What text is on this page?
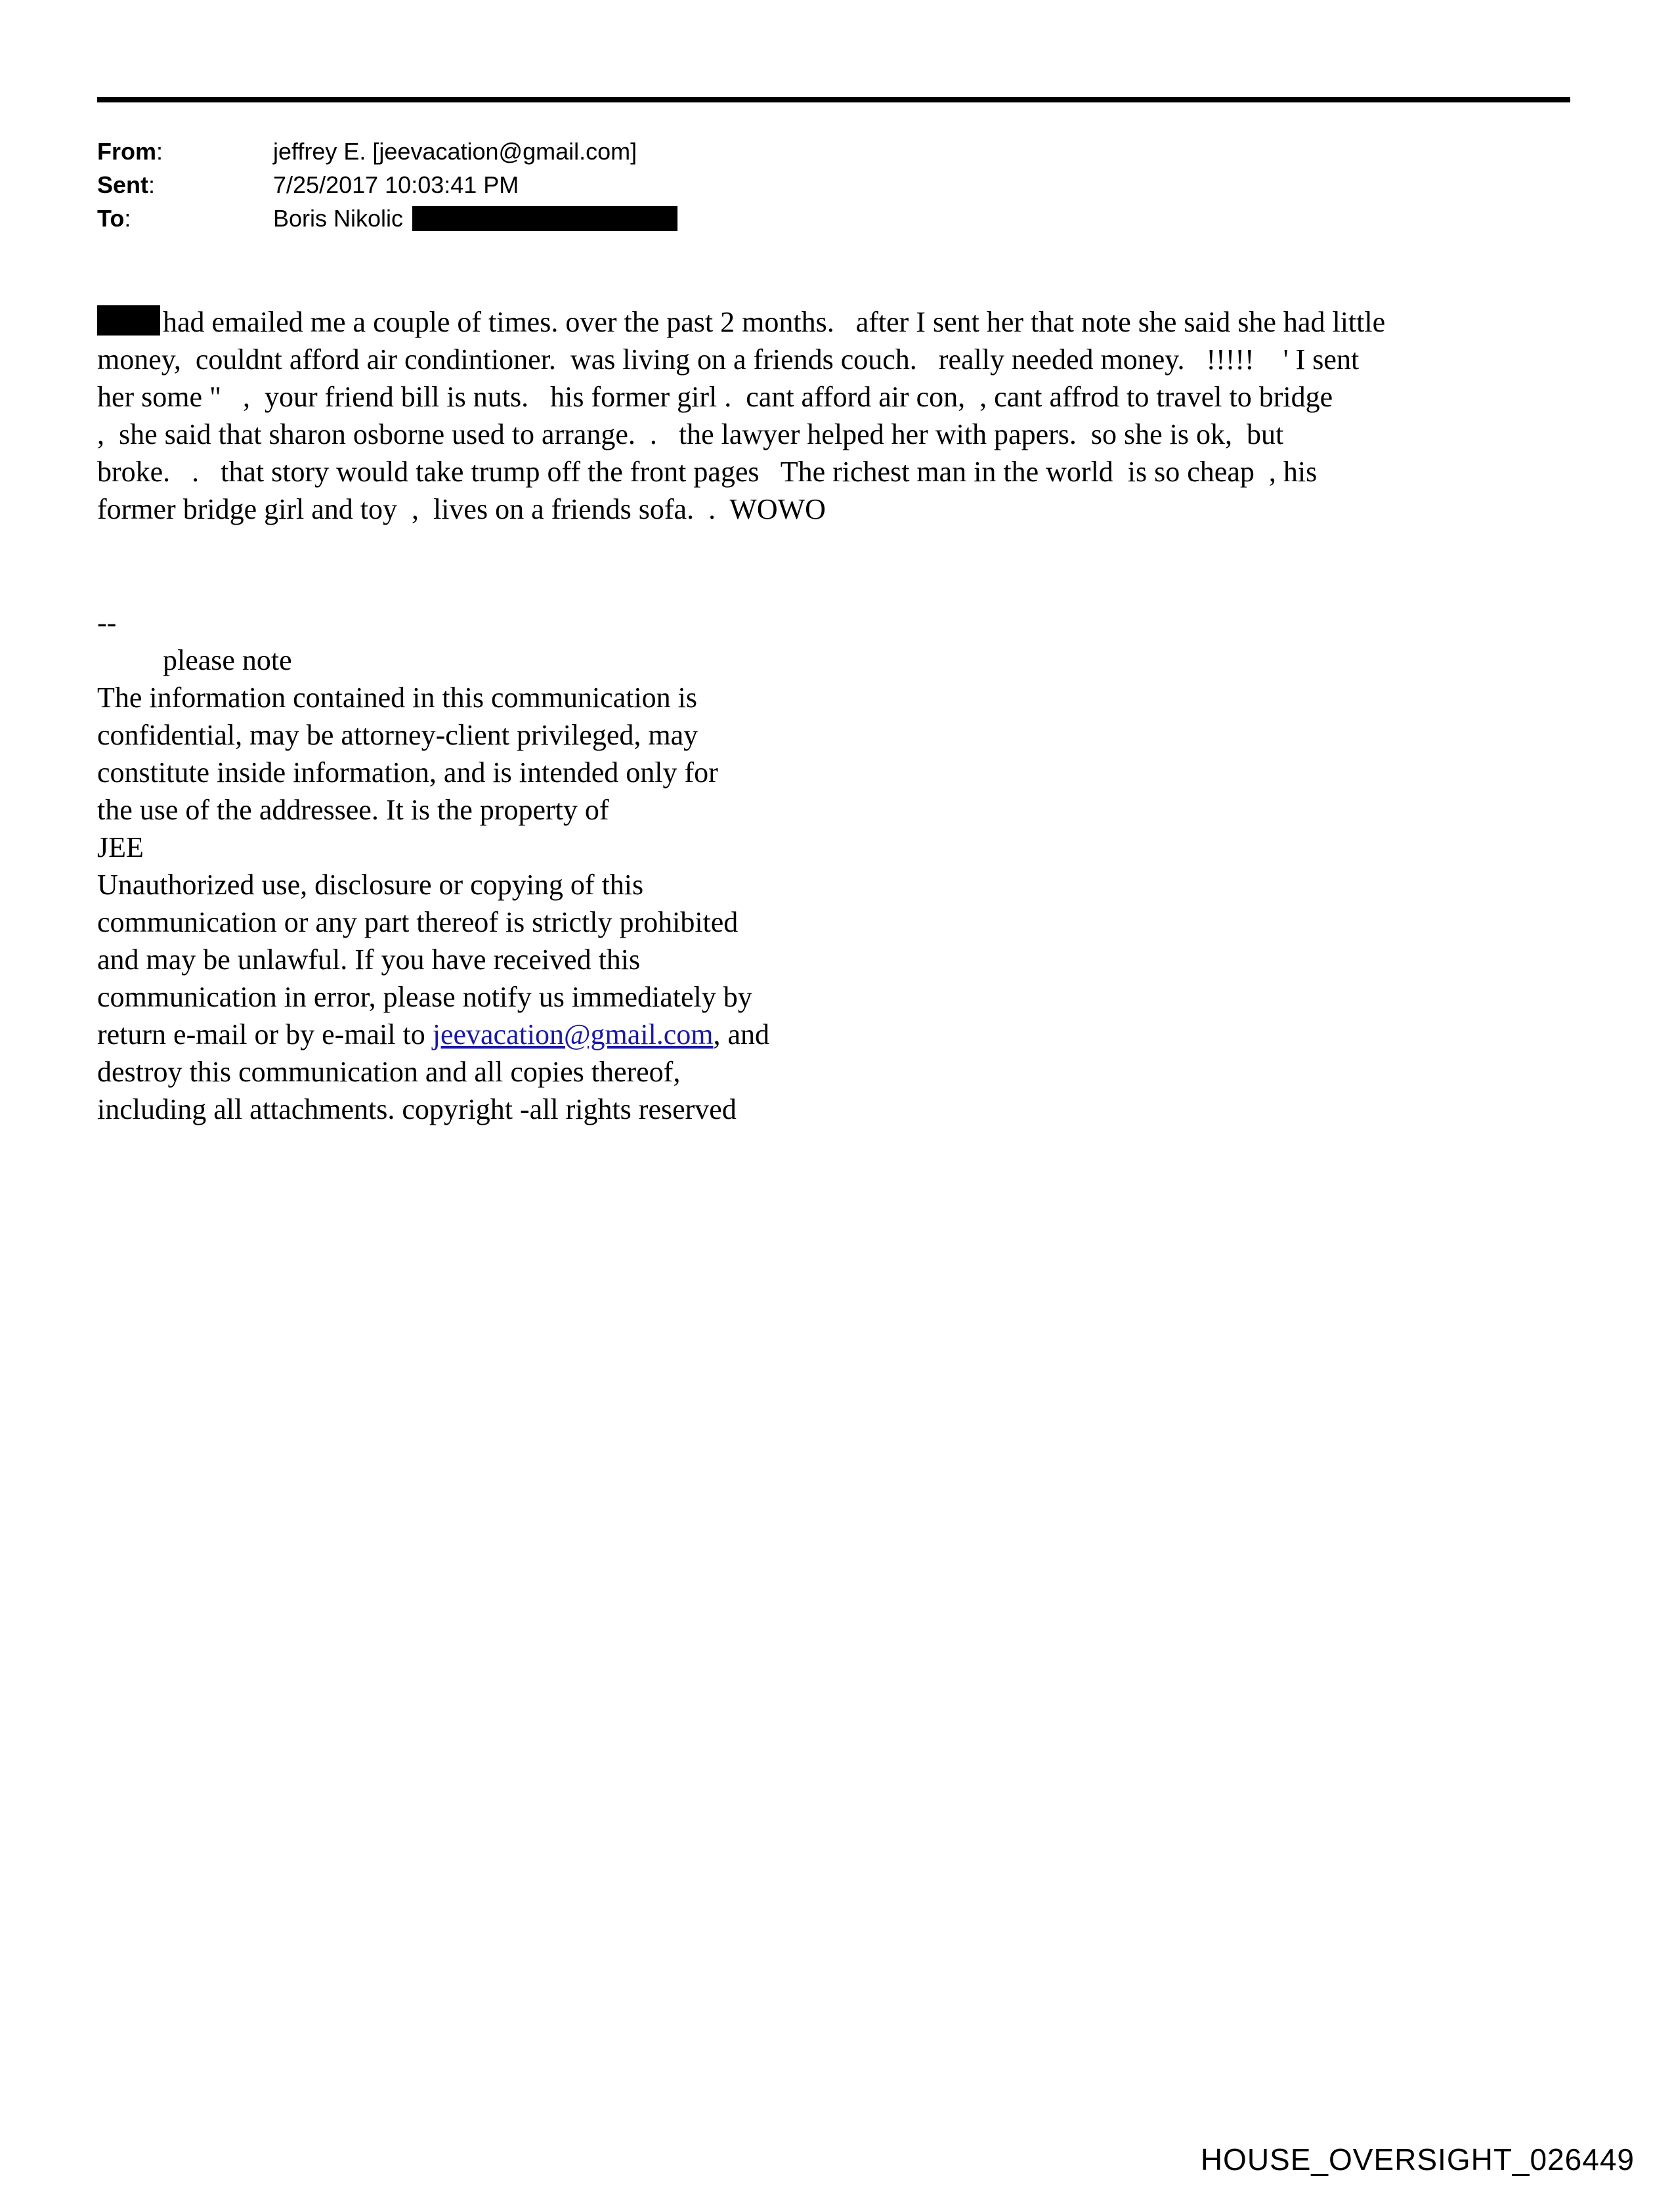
From:	jeffrey E. [jeevacation@gmail.com]
Sent:	7/25/2017 10:03:41 PM
To:	Boris Nikolic
had emailed me a couple of times. over the past 2 months.   after I sent her that note she said she had little
money,  couldnt afford air condintioner.  was living on a friends couch.   really needed money.   !!!!!    ' I sent
her some "   ,  your friend bill is nuts.   his former girl .  cant afford air con,  , cant affrod to travel to bridge
,  she said that sharon osborne used to arrange.  .   the lawyer helped her with papers.  so she is ok,  but
broke.   .   that story would take trump off the front pages   The richest man in the world  is so cheap  , his
former bridge girl and toy  ,  lives on a friends sofa.  .  WOWO
--
please note
The information contained in this communication is
confidential, may be attorney-client privileged, may
constitute inside information, and is intended only for
the use of the addressee. It is the property of
JEE
Unauthorized use, disclosure or copying of this
communication or any part thereof is strictly prohibited
and may be unlawful. If you have received this
communication in error, please notify us immediately by
return e-mail or by e-mail to jeevacation@gmail.com, and
destroy this communication and all copies thereof,
including all attachments. copyright -all rights reserved
HOUSE_OVERSIGHT_026449
